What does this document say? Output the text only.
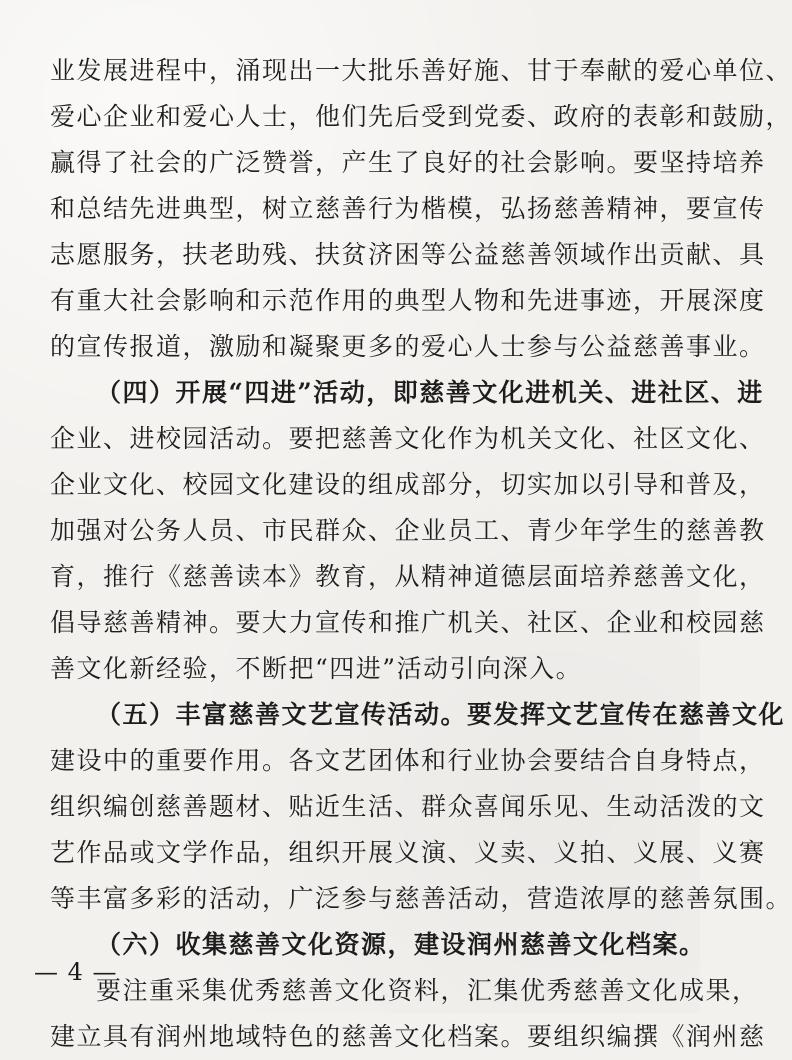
业发展进程中，涌现出一大批乐善好施、甘于奉献的爱心单位、
爱心企业和爱心人士，他们先后受到党委、政府的表彰和鼓励，
赢得了社会的广泛赞誉，产生了良好的社会影响。要坚持培养
和总结先进典型，树立慈善行为楷模，弘扬慈善精神，要宣传
志愿服务，扶老助残、扶贫济困等公益慈善领域作出贡献、具
有重大社会影响和示范作用的典型人物和先进事迹，开展深度
的宣传报道，激励和凝聚更多的爱心人士参与公益慈善事业。
（四）开展“四进”活动，即慈善文化进机关、进社区、进
企业、进校园活动。要把慈善文化作为机关文化、社区文化、
企业文化、校园文化建设的组成部分，切实加以引导和普及，
加强对公务人员、市民群众、企业员工、青少年学生的慈善教
育，推行《慈善读本》教育，从精神道德层面培养慈善文化，
倡导慈善精神。要大力宣传和推广机关、社区、企业和校园慈
善文化新经验，不断把“四进”活动引向深入。
（五）丰富慈善文艺宣传活动。要发挥文艺宣传在慈善文化
建设中的重要作用。各文艺团体和行业协会要结合自身特点，
组织编创慈善题材、贴近生活、群众喜闻乐见、生动活泼的文
艺作品或文学作品，组织开展义演、义卖、义拍、义展、义赛
等丰富多彩的活动，广泛参与慈善活动，营造浓厚的慈善氛围。
（六）收集慈善文化资源，建设润州慈善文化档案。
要注重采集优秀慈善文化资料，汇集优秀慈善文化成果，
建立具有润州地域特色的慈善文化档案。要组织编撰《润州慈
— 4 —
